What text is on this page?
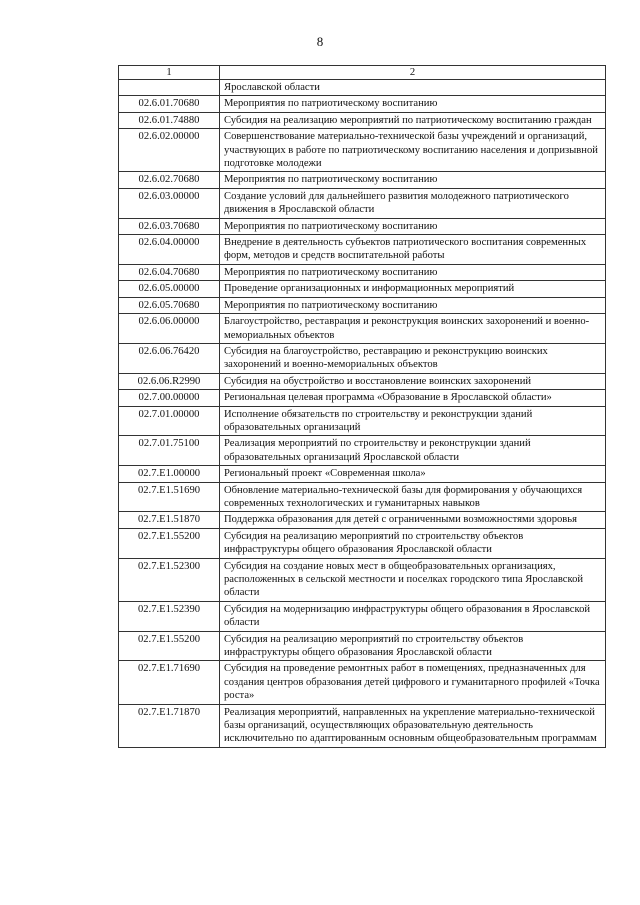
8
1	2
	Ярославской области
02.6.01.70680	Мероприятия по патриотическому воспитанию
02.6.01.74880	Субсидия на реализацию мероприятий по патриотическому воспитанию граждан
02.6.02.00000	Совершенствование материально-технической базы учреждений и организаций, участвующих в работе по патриотическому воспитанию населения и допризывной подготовке молодежи
02.6.02.70680	Мероприятия по патриотическому воспитанию
02.6.03.00000	Создание условий для дальнейшего развития молодежного патриотического движения в Ярославской области
02.6.03.70680	Мероприятия по патриотическому воспитанию
02.6.04.00000	Внедрение в деятельность субъектов патриотического воспитания современных форм, методов и средств воспитательной работы
02.6.04.70680	Мероприятия по патриотическому воспитанию
02.6.05.00000	Проведение организационных и информационных мероприятий
02.6.05.70680	Мероприятия по патриотическому воспитанию
02.6.06.00000	Благоустройство, реставрация и реконструкция воинских захоронений и военно-мемориальных объектов
02.6.06.76420	Субсидия на благоустройство, реставрацию и реконструкцию воинских захоронений и военно-мемориальных объектов
02.6.06.R2990	Субсидия на обустройство и восстановление воинских захоронений
02.7.00.00000	Региональная целевая программа «Образование в Ярославской области»
02.7.01.00000	Исполнение обязательств по строительству и реконструкции зданий образовательных организаций
02.7.01.75100	Реализация мероприятий по строительству и реконструкции зданий образовательных организаций Ярославской области
02.7.E1.00000	Региональный проект «Современная школа»
02.7.E1.51690	Обновление материально-технической базы для формирования у обучающихся современных технологических и гуманитарных навыков
02.7.E1.51870	Поддержка образования для детей с ограниченными возможностями здоровья
02.7.E1.55200	Субсидия на реализацию мероприятий по строительству объектов инфраструктуры общего образования Ярославской области
02.7.E1.52300	Субсидия на создание новых мест в общеобразовательных организациях, расположенных в сельской местности и поселках городского типа Ярославской области
02.7.E1.52390	Субсидия на модернизацию инфраструктуры общего образования в Ярославской области
02.7.E1.55200	Субсидия на реализацию мероприятий по строительству объектов инфраструктуры общего образования Ярославской области
02.7.E1.71690	Субсидия на проведение ремонтных работ в помещениях, предназначенных для создания центров образования детей цифрового и гуманитарного профилей «Точка роста»
02.7.E1.71870	Реализация мероприятий, направленных на укрепление материально-технической базы организаций, осуществляющих образовательную деятельность исключительно по адаптированным основным общеобразовательным программам
